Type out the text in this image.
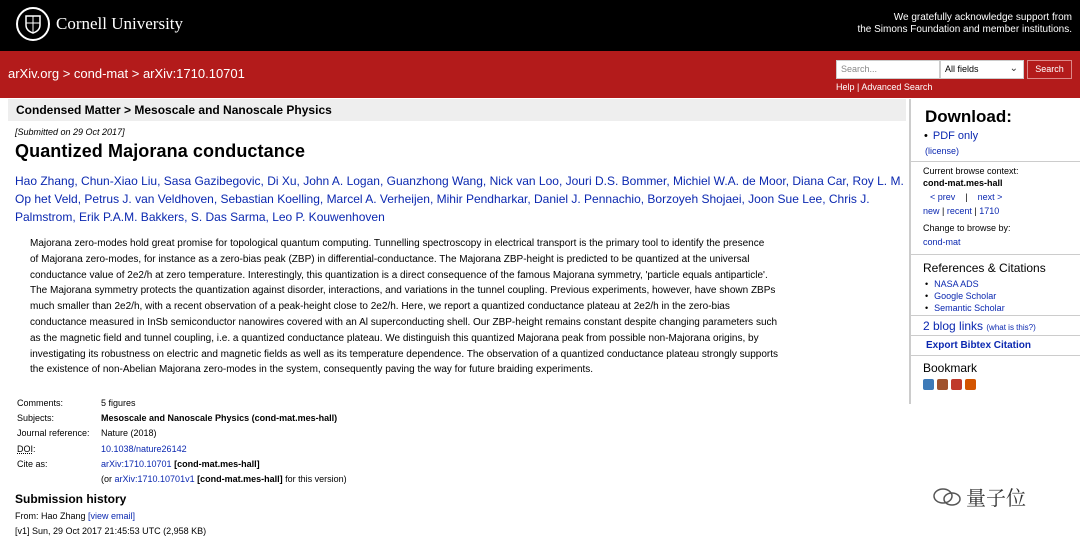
Cornell University	We gratefully acknowledge support from
the Simons Foundation and member institutions.
arXiv.org > cond-mat > arXiv:1710.10701	Search...	All fields	⌄	Search
Help | Advanced Search
Condensed Matter > Mesoscale and Nanoscale Physics
[Submitted on 29 Oct 2017]
Quantized Majorana conductance
Hao Zhang, Chun-Xiao Liu, Sasa Gazibegovic, Di Xu, John A. Logan, Guanzhong Wang, Nick van Loo, Jouri D.S. Bommer, Michiel W.A. de Moor, Diana Car, Roy L. M. Op het Veld, Petrus J. van Veldhoven, Sebastian Koelling, Marcel A. Verheijen, Mihir Pendharkar, Daniel J. Pennachio, Borzoyeh Shojaei, Joon Sue Lee, Chris J. Palmstrom, Erik P.A.M. Bakkers, S. Das Sarma, Leo P. Kouwenhoven
Majorana zero-modes hold great promise for topological quantum computing. Tunnelling spectroscopy in electrical transport is the primary tool to identify the presence
of Majorana zero-modes, for instance as a zero-bias peak (ZBP) in differential-conductance. The Majorana ZBP-height is predicted to be quantized at the universal
conductance value of 2e2/h at zero temperature. Interestingly, this quantization is a direct consequence of the famous Majorana symmetry, 'particle equals antiparticle'.
The Majorana symmetry protects the quantization against disorder, interactions, and variations in the tunnel coupling. Previous experiments, however, have shown ZBPs
much smaller than 2e2/h, with a recent observation of a peak-height close to 2e2/h. Here, we report a quantized conductance plateau at 2e2/h in the zero-bias
conductance measured in InSb semiconductor nanowires covered with an Al superconducting shell. Our ZBP-height remains constant despite changing parameters such
as the magnetic field and tunnel coupling, i.e. a quantized conductance plateau. We distinguish this quantized Majorana peak from possible non-Majorana origins, by
investigating its robustness on electric and magnetic fields as well as its temperature dependence. The observation of a quantized conductance plateau strongly supports
the existence of non-Abelian Majorana zero-modes in the system, consequently paving the way for future braiding experiments.
Comments:	5 figures
Subjects:	Mesoscale and Nanoscale Physics (cond-mat.mes-hall)
Journal reference:	Nature (2018)
DOI:	10.1038/nature26142
Cite as:	arXiv:1710.10701 [cond-mat.mes-hall]
(or arXiv:1710.10701v1 [cond-mat.mes-hall] for this version)
Submission history
From: Hao Zhang [view email]
[v1] Sun, 29 Oct 2017 21:45:53 UTC (2,958 KB)
Download:
• PDF only
(license)
Current browse context:
cond-mat.mes-hall
< prev | next >
new | recent | 1710
Change to browse by:
cond-mat
References & Citations
• NASA ADS
• Google Scholar
• Semantic Scholar
2 blog links (what is this?)
Export Bibtex Citation
Bookmark
量子位
